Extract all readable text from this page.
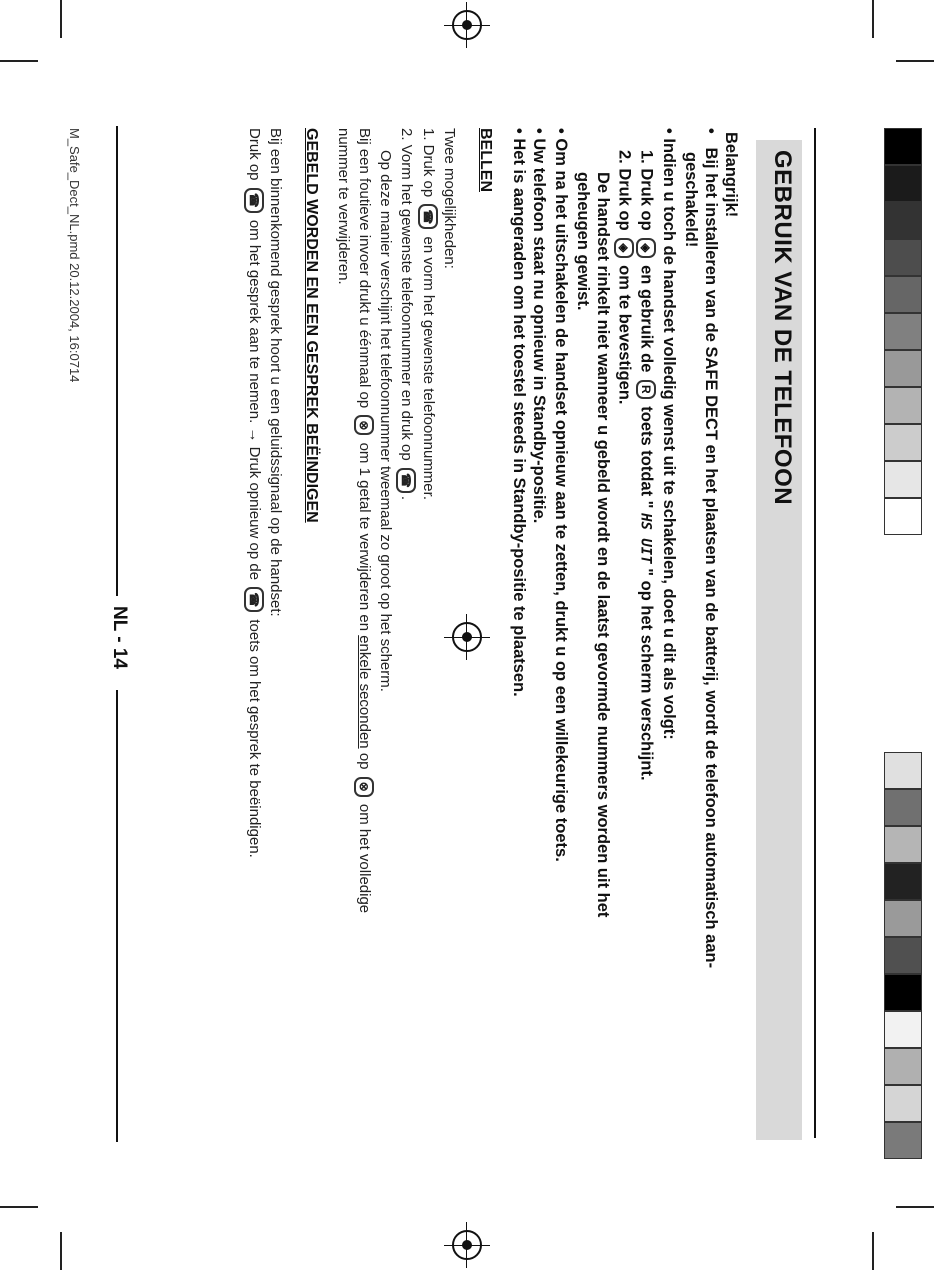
GEBRUIK VAN DE TELEFOON
Belangrijk!
•   Bij het installeren van de SAFE DECT en het plaatsen van de batterij, wordt de telefoon automatisch aan-
geschakeld!
• Indien u toch de handset volledig wenst uit te schakelen, doet u dit als volgt:
1. Druk op ◈ en gebruik de R toets totdat " HS UIT " op het scherm verschijnt.
2. Druk op ◈ om te bevestigen.
De handset rinkelt niet wanneer u gebeld wordt en de laatst gevormde nummers worden uit het
geheugen gewist.
• Om na het uitschakelen de handset opnieuw aan te zetten, drukt u op een willekeurige toets.
• Uw telefoon staat nu opnieuw in Standby-positie.
• Het is aangeraden om het toestel steeds in Standby-positie te plaatsen.
BELLEN
Twee mogelijkheden:
1. Druk op ☎ en vorm het gewenste telefoonnummer.
2. Vorm het gewenste telefoonnummer en druk op ☎.
Op deze manier verschijnt het telefoonnummer tweemaal zo groot op het scherm.
Bij een foutieve invoer drukt u éénmaal op ⊗ om 1 getal te verwijderen en enkele seconden op ⊗ om het volledige
nummer te verwijderen.
GEBELD WORDEN EN EEN GESPREK BEËINDIGEN
Bij een binnenkomend gesprek hoort u een geluidssignaal op de handset:
Druk op ☎ om het gesprek aan te nemen. → Druk opnieuw op de ☎ toets om het gesprek te beëindigen.
NL - 14
M_Safe_Dect_NL.pmd 20.12.2004, 16:0714
